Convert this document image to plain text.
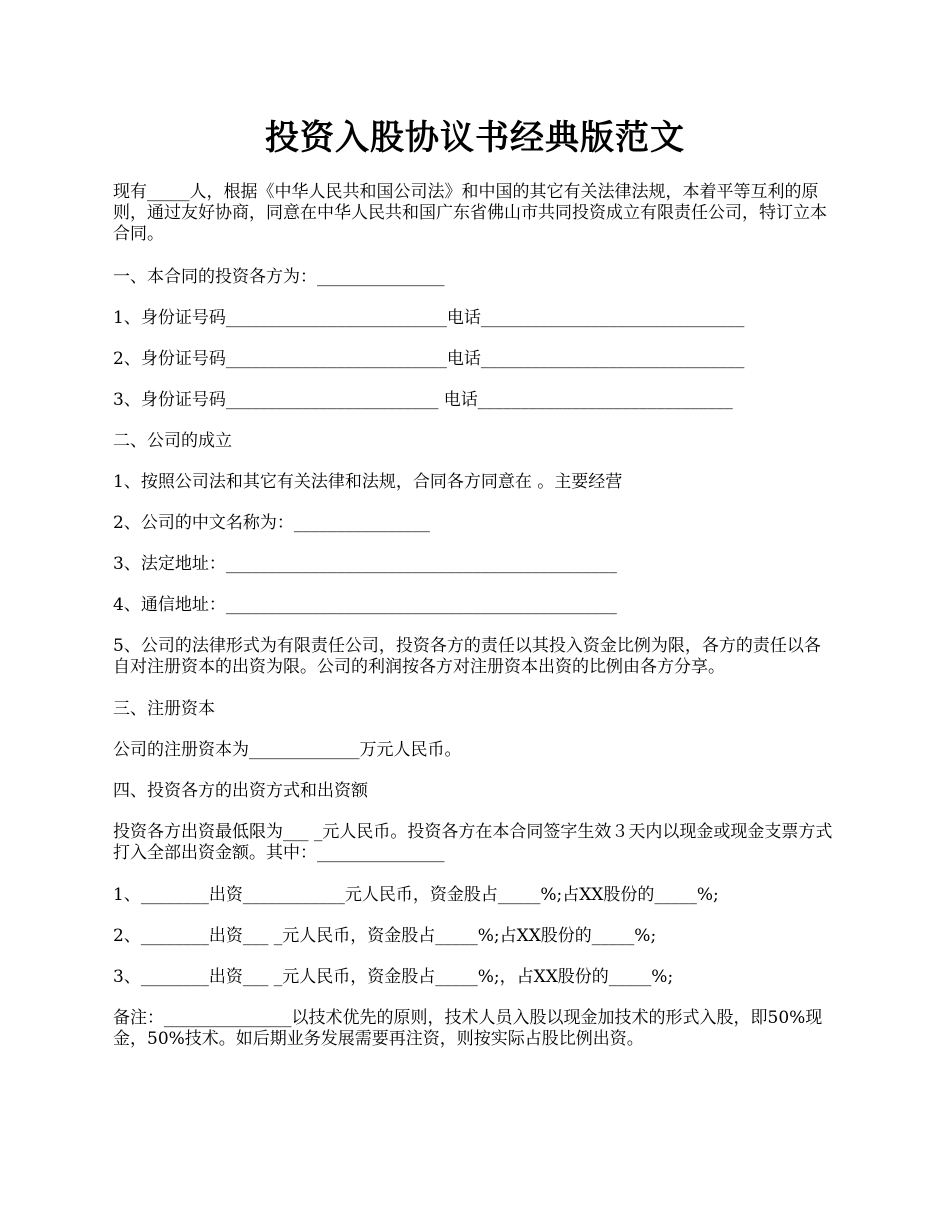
投资入股协议书经典版范文

现有_____人，根据《中华人民共和国公司法》和中国的其它有关法律法规，本着平等互利的原则，通过友好协商，同意在中华人民共和国广东省佛山市共同投资成立有限责任公司，特订立本合同。

一、本合同的投资各方为：_______________

1、身份证号码__________________________电话_______________________________

2、身份证号码__________________________电话_______________________________

3、身份证号码_________________________ 电话______________________________

二、公司的成立

1、按照公司法和其它有关法律和法规，合同各方同意在 。主要经营

2、公司的中文名称为：________________

3、法定地址：______________________________________________

4、通信地址：______________________________________________

5、公司的法律形式为有限责任公司，投资各方的责任以其投入资金比例为限，各方的责任以各自对注册资本的出资为限。公司的利润按各方对注册资本出资的比例由各方分享。

三、注册资本

公司的注册资本为_____________万元人民币。

四、投资各方的出资方式和出资额

投资各方出资最低限为___ _元人民币。投资各方在本合同签字生效３天内以现金或现金支票方式打入全部出资金额。其中：_______________

1、________出资____________元人民币，资金股占_____%;占XX股份的_____%;

2、________出资___ _元人民币，资金股占_____%;占XX股份的_____%;

3、________出资___ _元人民币，资金股占_____%;，占XX股份的_____%;

备注：_______________以技术优先的原则，技术人员入股以现金加技术的形式入股，即50%现金，50%技术。如后期业务发展需要再注资，则按实际占股比例出资。
